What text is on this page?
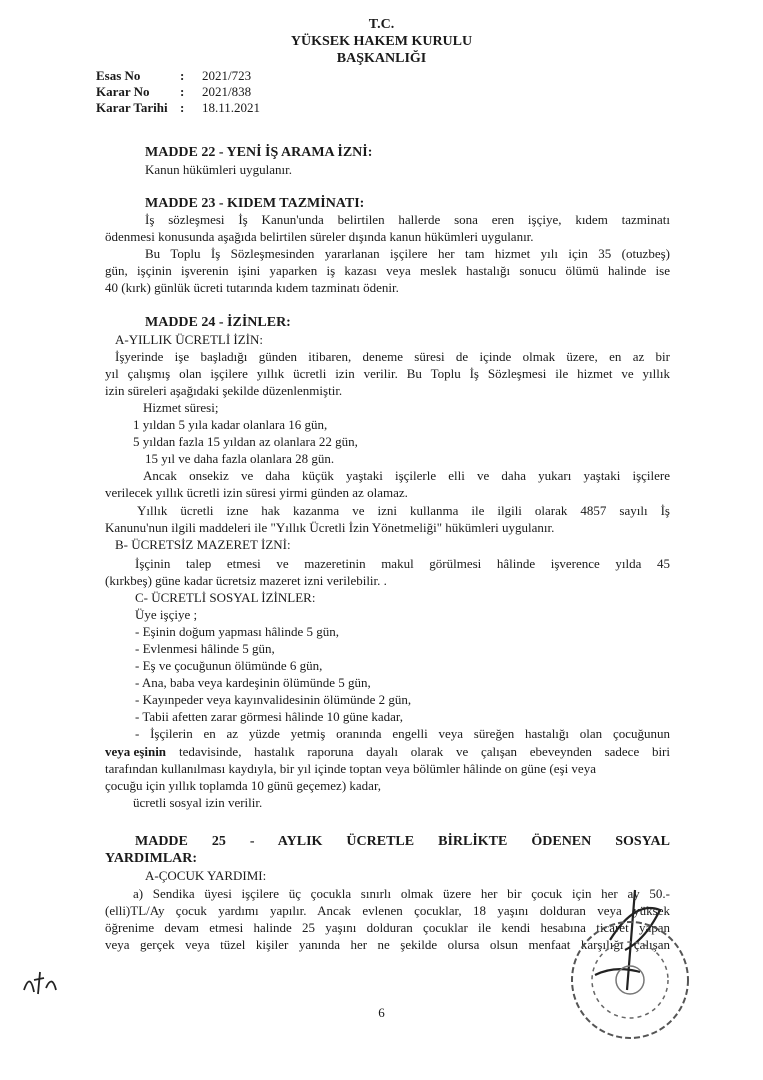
T.C.
YÜKSEK HAKEM KURULU
BAŞKANLIĞI
Esas No	:	2021/723
Karar No	:	2021/838
Karar Tarihi :	18.11.2021
MADDE 22 - YENİ İŞ ARAMA İZNİ:
Kanun hükümleri uygulanır.
MADDE 23 - KIDEM TAZMİNATI:
İş sözleşmesi İş Kanun'unda belirtilen hallerde sona eren işçiye, kıdem tazminatı
ödenmesi konusunda aşağıda belirtilen süreler dışında kanun hükümleri uygulanır.
Bu Toplu İş Sözleşmesinden yararlanan işçilere her tam hizmet yılı için 35 (otuzbeş)
gün, işçinin işverenin işini yaparken iş kazası veya meslek hastalığı sonucu ölümü halinde ise
40 (kırk) günlük ücreti tutarında kıdem tazminatı ödenir.
MADDE 24 - İZİNLER:
A-YILLIK ÜCRETLİ İZİN:
İşyerinde işe başladığı günden itibaren, deneme süresi de içinde olmak üzere, en az bir
yıl çalışmış olan işçilere yıllık ücretli izin verilir. Bu Toplu İş Sözleşmesi ile hizmet ve yıllık
izin süreleri aşağıdaki şekilde düzenlenmiştir.
Hizmet süresi;
1 yıldan 5 yıla kadar olanlara 16 gün,
5 yıldan fazla 15 yıldan az olanlara 22 gün,
15 yıl ve daha fazla olanlara 28 gün.
Ancak onsekiz ve daha küçük yaştaki işçilerle elli ve daha yukarı yaştaki işçilere
verilecek yıllık ücretli izin süresi yirmi günden az olamaz.
Yıllık ücretli izne hak kazanma ve izni kullanma ile ilgili olarak 4857 sayılı İş
Kanunu'nun ilgili maddeleri ile "Yıllık Ücretli İzin Yönetmeliği" hükümleri uygulanır.
B- ÜCRETSİZ MAZERET İZNİ:
İşçinin talep etmesi ve mazeretinin makul görülmesi hâlinde işverence yılda 45
(kırkbeş) güne kadar ücretsiz mazeret izni verilebilir. .
C- ÜCRETLİ SOSYAL İZİNLER:
Üye işçiye ;
- Eşinin doğum yapması hâlinde 5 gün,
- Evlenmesi hâlinde 5 gün,
- Eş ve çocuğunun ölümünde 6 gün,
- Ana, baba veya kardeşinin ölümünde 5 gün,
- Kayınpeder veya kayınvalidesinin ölümünde 2 gün,
- Tabii afetten zarar görmesi hâlinde 10 güne kadar,
- İşçilerin en az yüzde yetmiş oranında engelli veya süreğen hastalığı olan çocuğunun
veya eşinin tedavisinde, hastalık raporuna dayalı olarak ve çalışan ebeveynden sadece biri
tarafından kullanılması kaydıyla, bir yıl içinde toptan veya bölümler hâlinde on güne (eşi veya
çocuğu için yıllık toplamda 10 günü geçemez) kadar,
ücretli sosyal izin verilir.
MADDE 25 - AYLIK ÜCRETLE BİRLİKTE ÖDENEN SOSYAL
YARDIMLAR:
A-ÇOCUK YARDIMI:
a) Sendika üyesi işçilere üç çocukla sınırlı olmak üzere her bir çocuk için her ay 50.-
(elli)TL/Ay çocuk yardımı yapılır. Ancak evlenen çocuklar, 18 yaşını dolduran veya yüksek
öğrenime devam etmesi halinde 25 yaşını dolduran çocuklar ile kendi hesabına ticaret yapan
veya gerçek veya tüzel kişiler yanında her ne şekilde olursa olsun menfaat karşılığı çalışan
6
